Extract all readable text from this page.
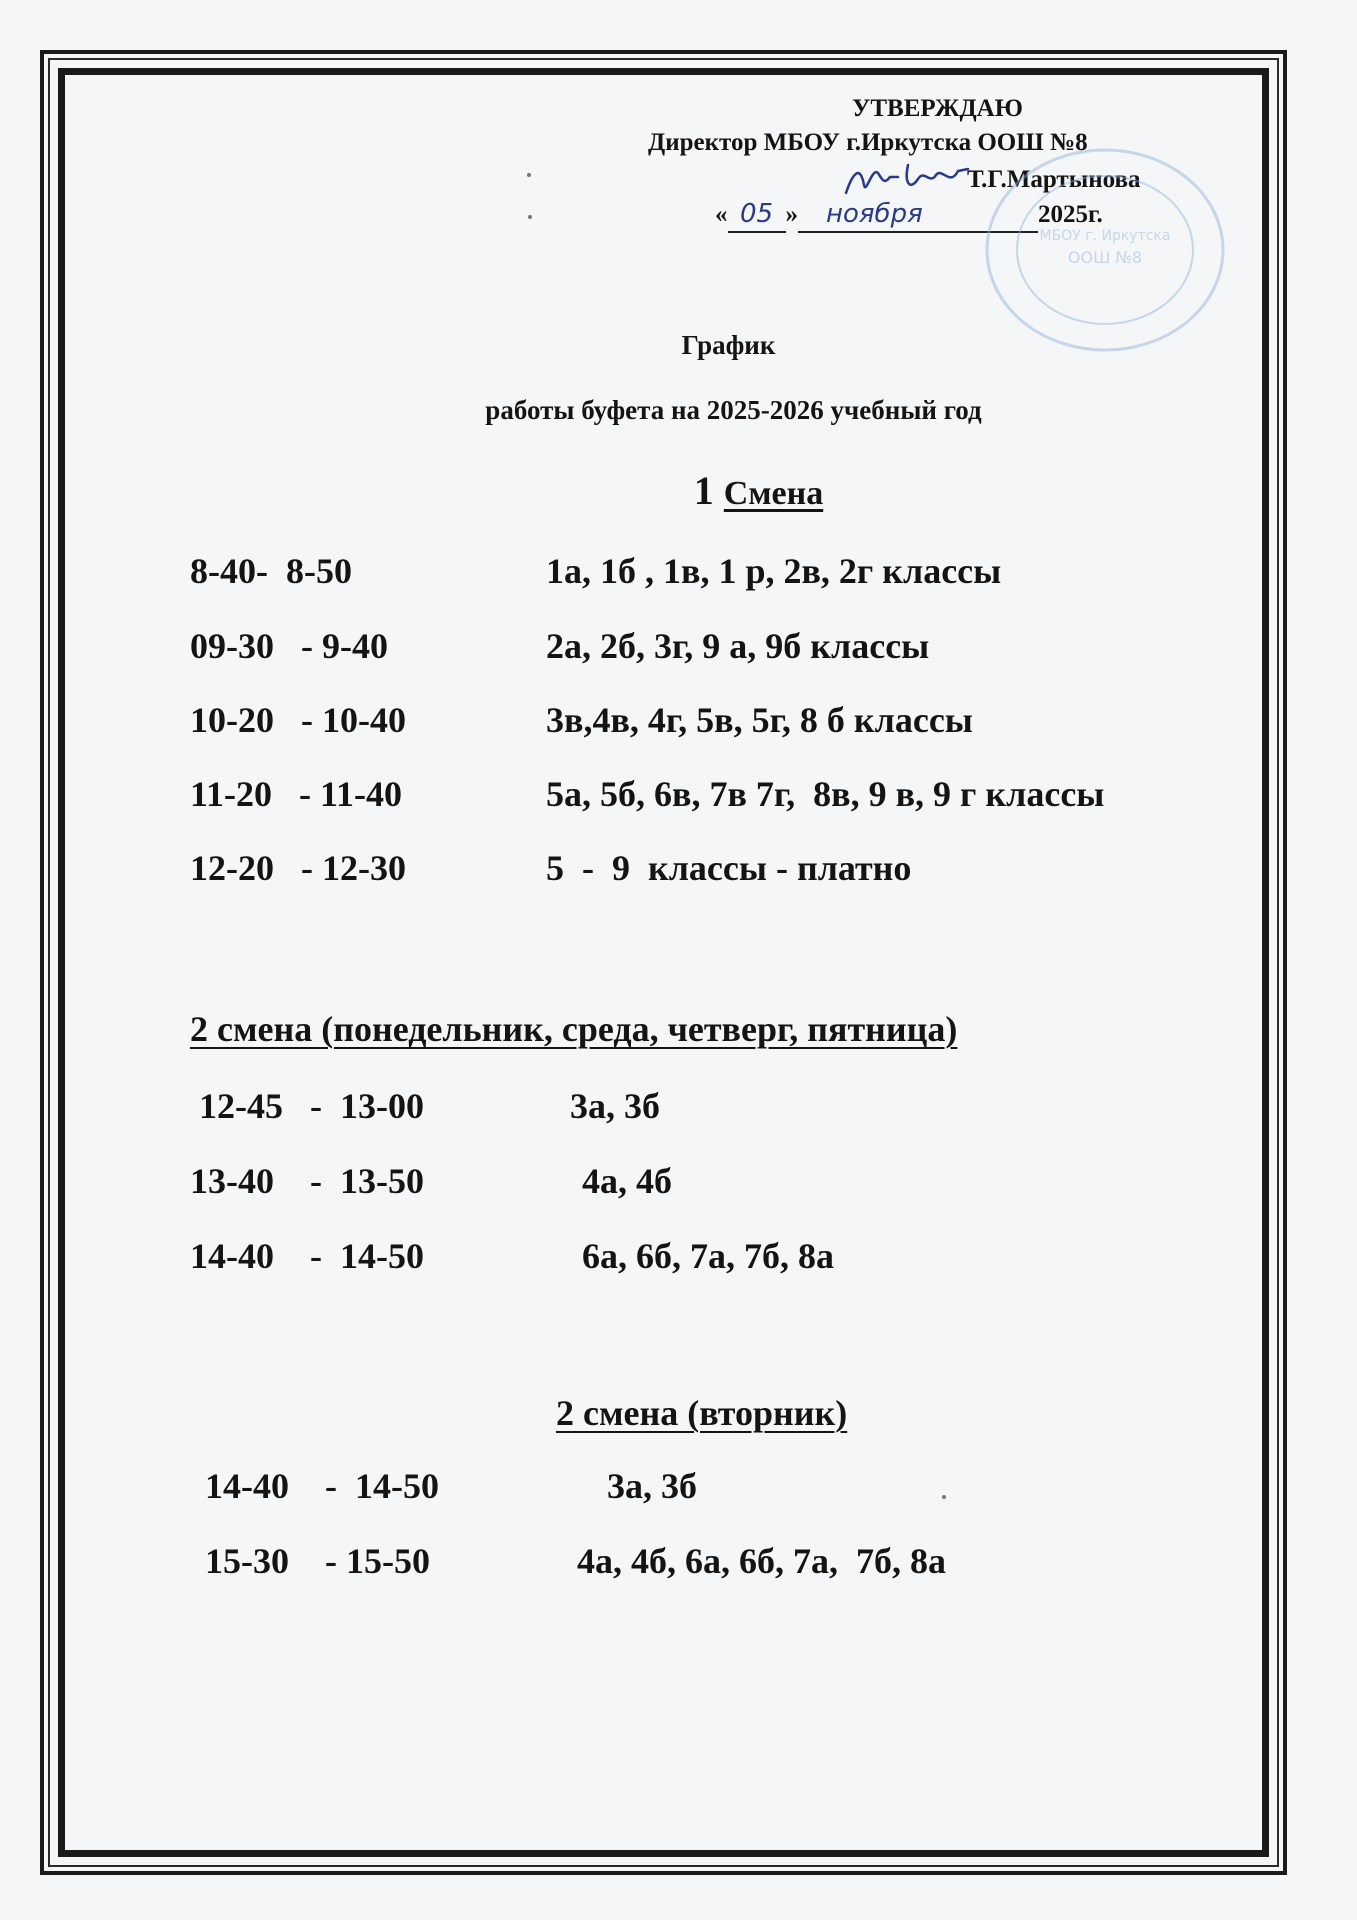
УТВЕРЖДАЮ
Директор МБОУ г.Иркутска ООШ №8
Т.Г.Мартынова
« 05 » ноября	2025г.
МБОУ г. Иркутска
ООШ №8
График
работы буфета на 2025-2026 учебный год
1 Смена

8-40-  8-50

	1а, 1б , 1в, 1 р, 2в, 2г классы

09-30   - 9-40

	2а, 2б, 3г, 9 а, 9б классы

10-20   - 10-40

	3в,4в, 4г, 5в, 5г, 8 б классы

11-20   - 11-40

	5а, 5б, 6в, 7в 7г,  8в, 9 в, 9 г классы

12-20   - 12-30

	5  -  9  классы - платно

2 смена (понедельник, среда, четверг, пятница)

12-45   -  13-00

	3а, 3б

13-40    -  13-50

	4а, 4б

14-40    -  14-50

	6а, 6б, 7а, 7б, 8а

2 смена (вторник)

14-40    -  14-50

	3а, 3б

15-30    - 15-50

	4а, 4б, 6а, 6б, 7а,  7б, 8а
